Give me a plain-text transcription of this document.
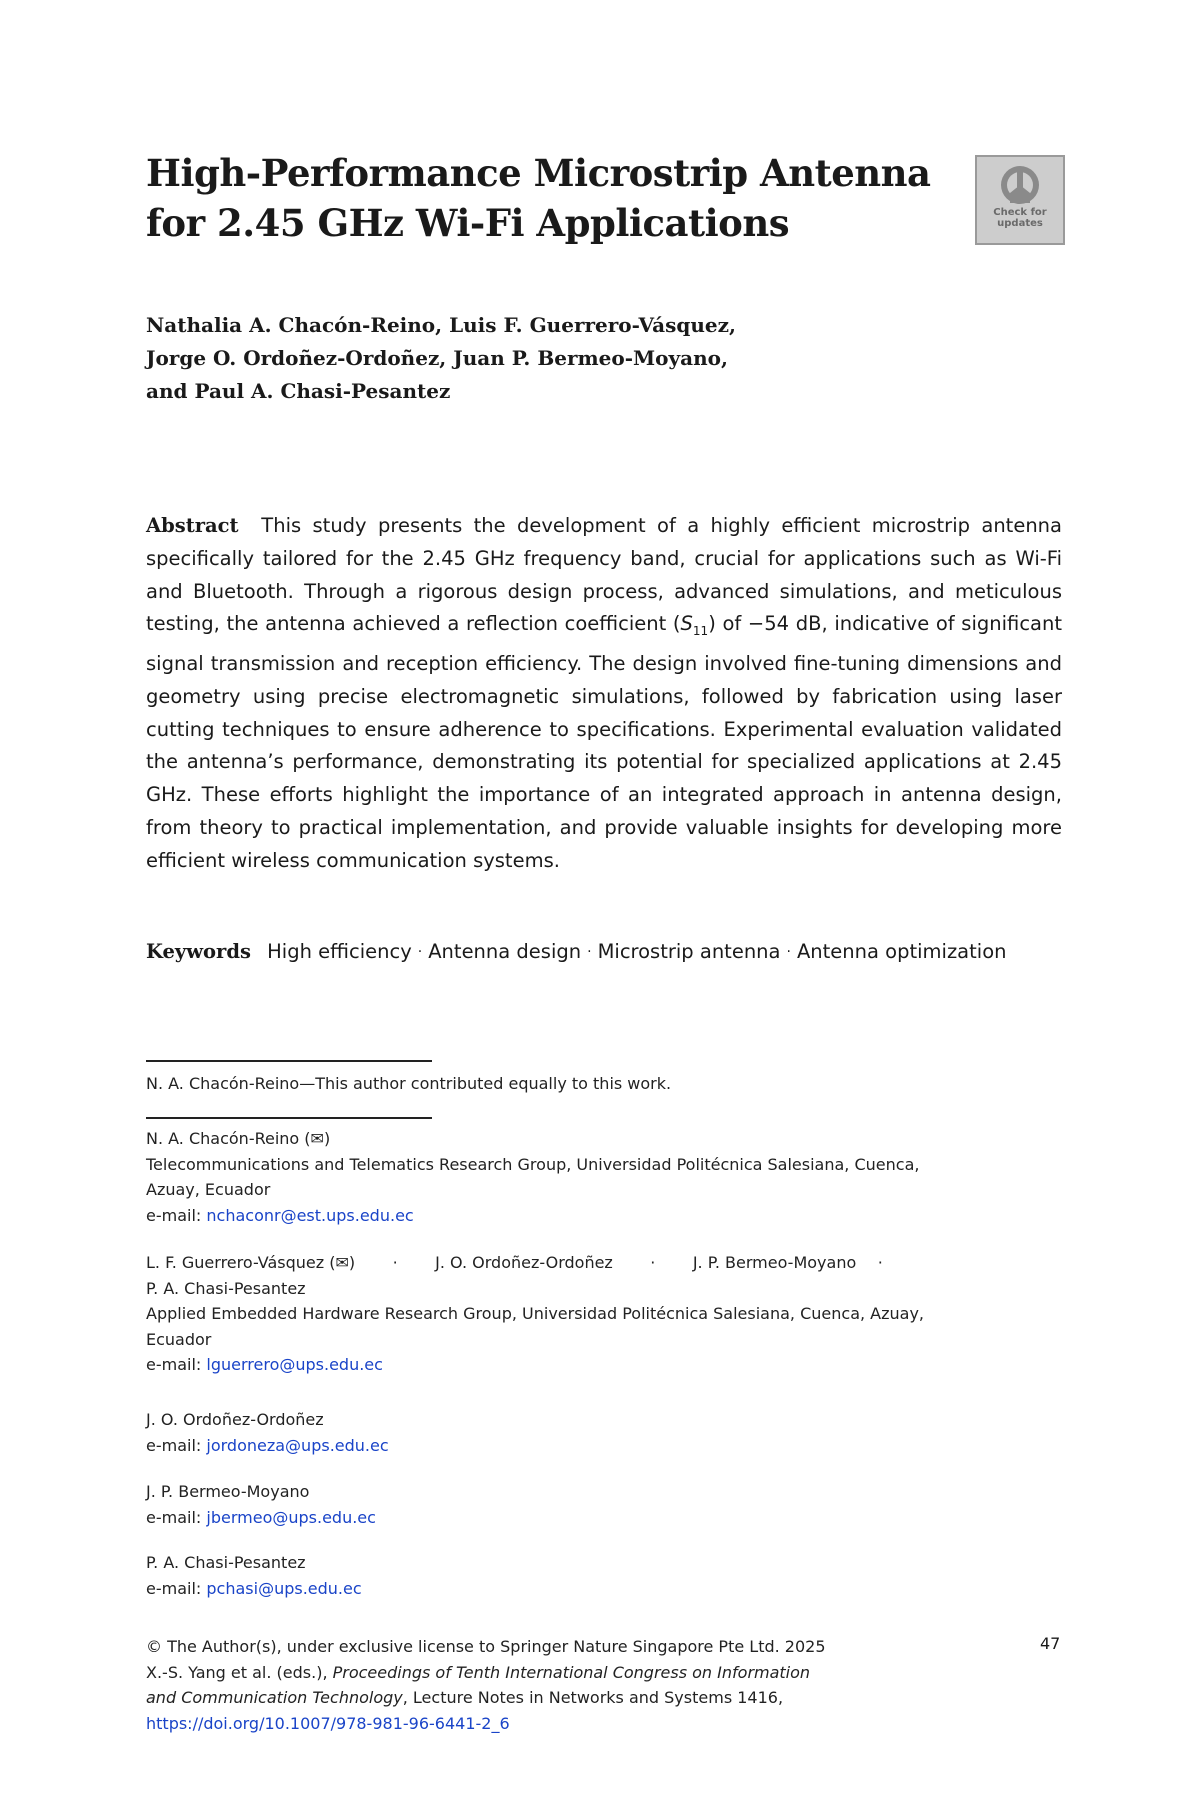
High-Performance Microstrip Antenna
for 2.45 GHz Wi-Fi Applications	Check for
updates
Nathalia A. Chacón-Reino, Luis F. Guerrero-Vásquez,
Jorge O. Ordoñez-Ordoñez, Juan P. Bermeo-Moyano,
and Paul A. Chasi-Pesantez
Abstract This study presents the development of a highly efficient microstrip antenna specifically tailored for the 2.45 GHz frequency band, crucial for applications such as Wi-Fi and Bluetooth. Through a rigorous design process, advanced simulations, and meticulous testing, the antenna achieved a reflection coefficient $(S_{11})$ of −54 dB, indicative of significant signal transmission and reception efficiency. The design involved fine-tuning dimensions and geometry using precise electromagnetic simulations, followed by fabrication using laser cutting techniques to ensure adherence to specifications. Experimental evaluation validated the antenna’s performance, demonstrating its potential for specialized applications at 2.45 GHz. These efforts highlight the importance of an integrated approach in antenna design, from theory to practical implementation, and provide valuable insights for developing more efficient wireless communication systems.
Keywords High efficiency · Antenna design · Microstrip antenna · Antenna optimization
N. A. Chacón-Reino—This author contributed equally to this work.
N. A. Chacón-Reino (✉)
Telecommunications and Telematics Research Group, Universidad Politécnica Salesiana, Cuenca,
Azuay, Ecuador
e-mail: nchaconr@est.ups.edu.ec
L. F. Guerrero-Vásquez (✉) · J. O. Ordoñez-Ordoñez · J. P. Bermeo-Moyano ·
P. A. Chasi-Pesantez
Applied Embedded Hardware Research Group, Universidad Politécnica Salesiana, Cuenca, Azuay,
Ecuador
e-mail: lguerrero@ups.edu.ec
J. O. Ordoñez-Ordoñez
e-mail: jordoneza@ups.edu.ec
J. P. Bermeo-Moyano
e-mail: jbermeo@ups.edu.ec
P. A. Chasi-Pesantez
e-mail: pchasi@ups.edu.ec
© The Author(s), under exclusive license to Springer Nature Singapore Pte Ltd. 2025
X.-S. Yang et al. (eds.), Proceedings of Tenth International Congress on Information
and Communication Technology, Lecture Notes in Networks and Systems 1416,
https://doi.org/10.1007/978-981-96-6441-2_6
47
